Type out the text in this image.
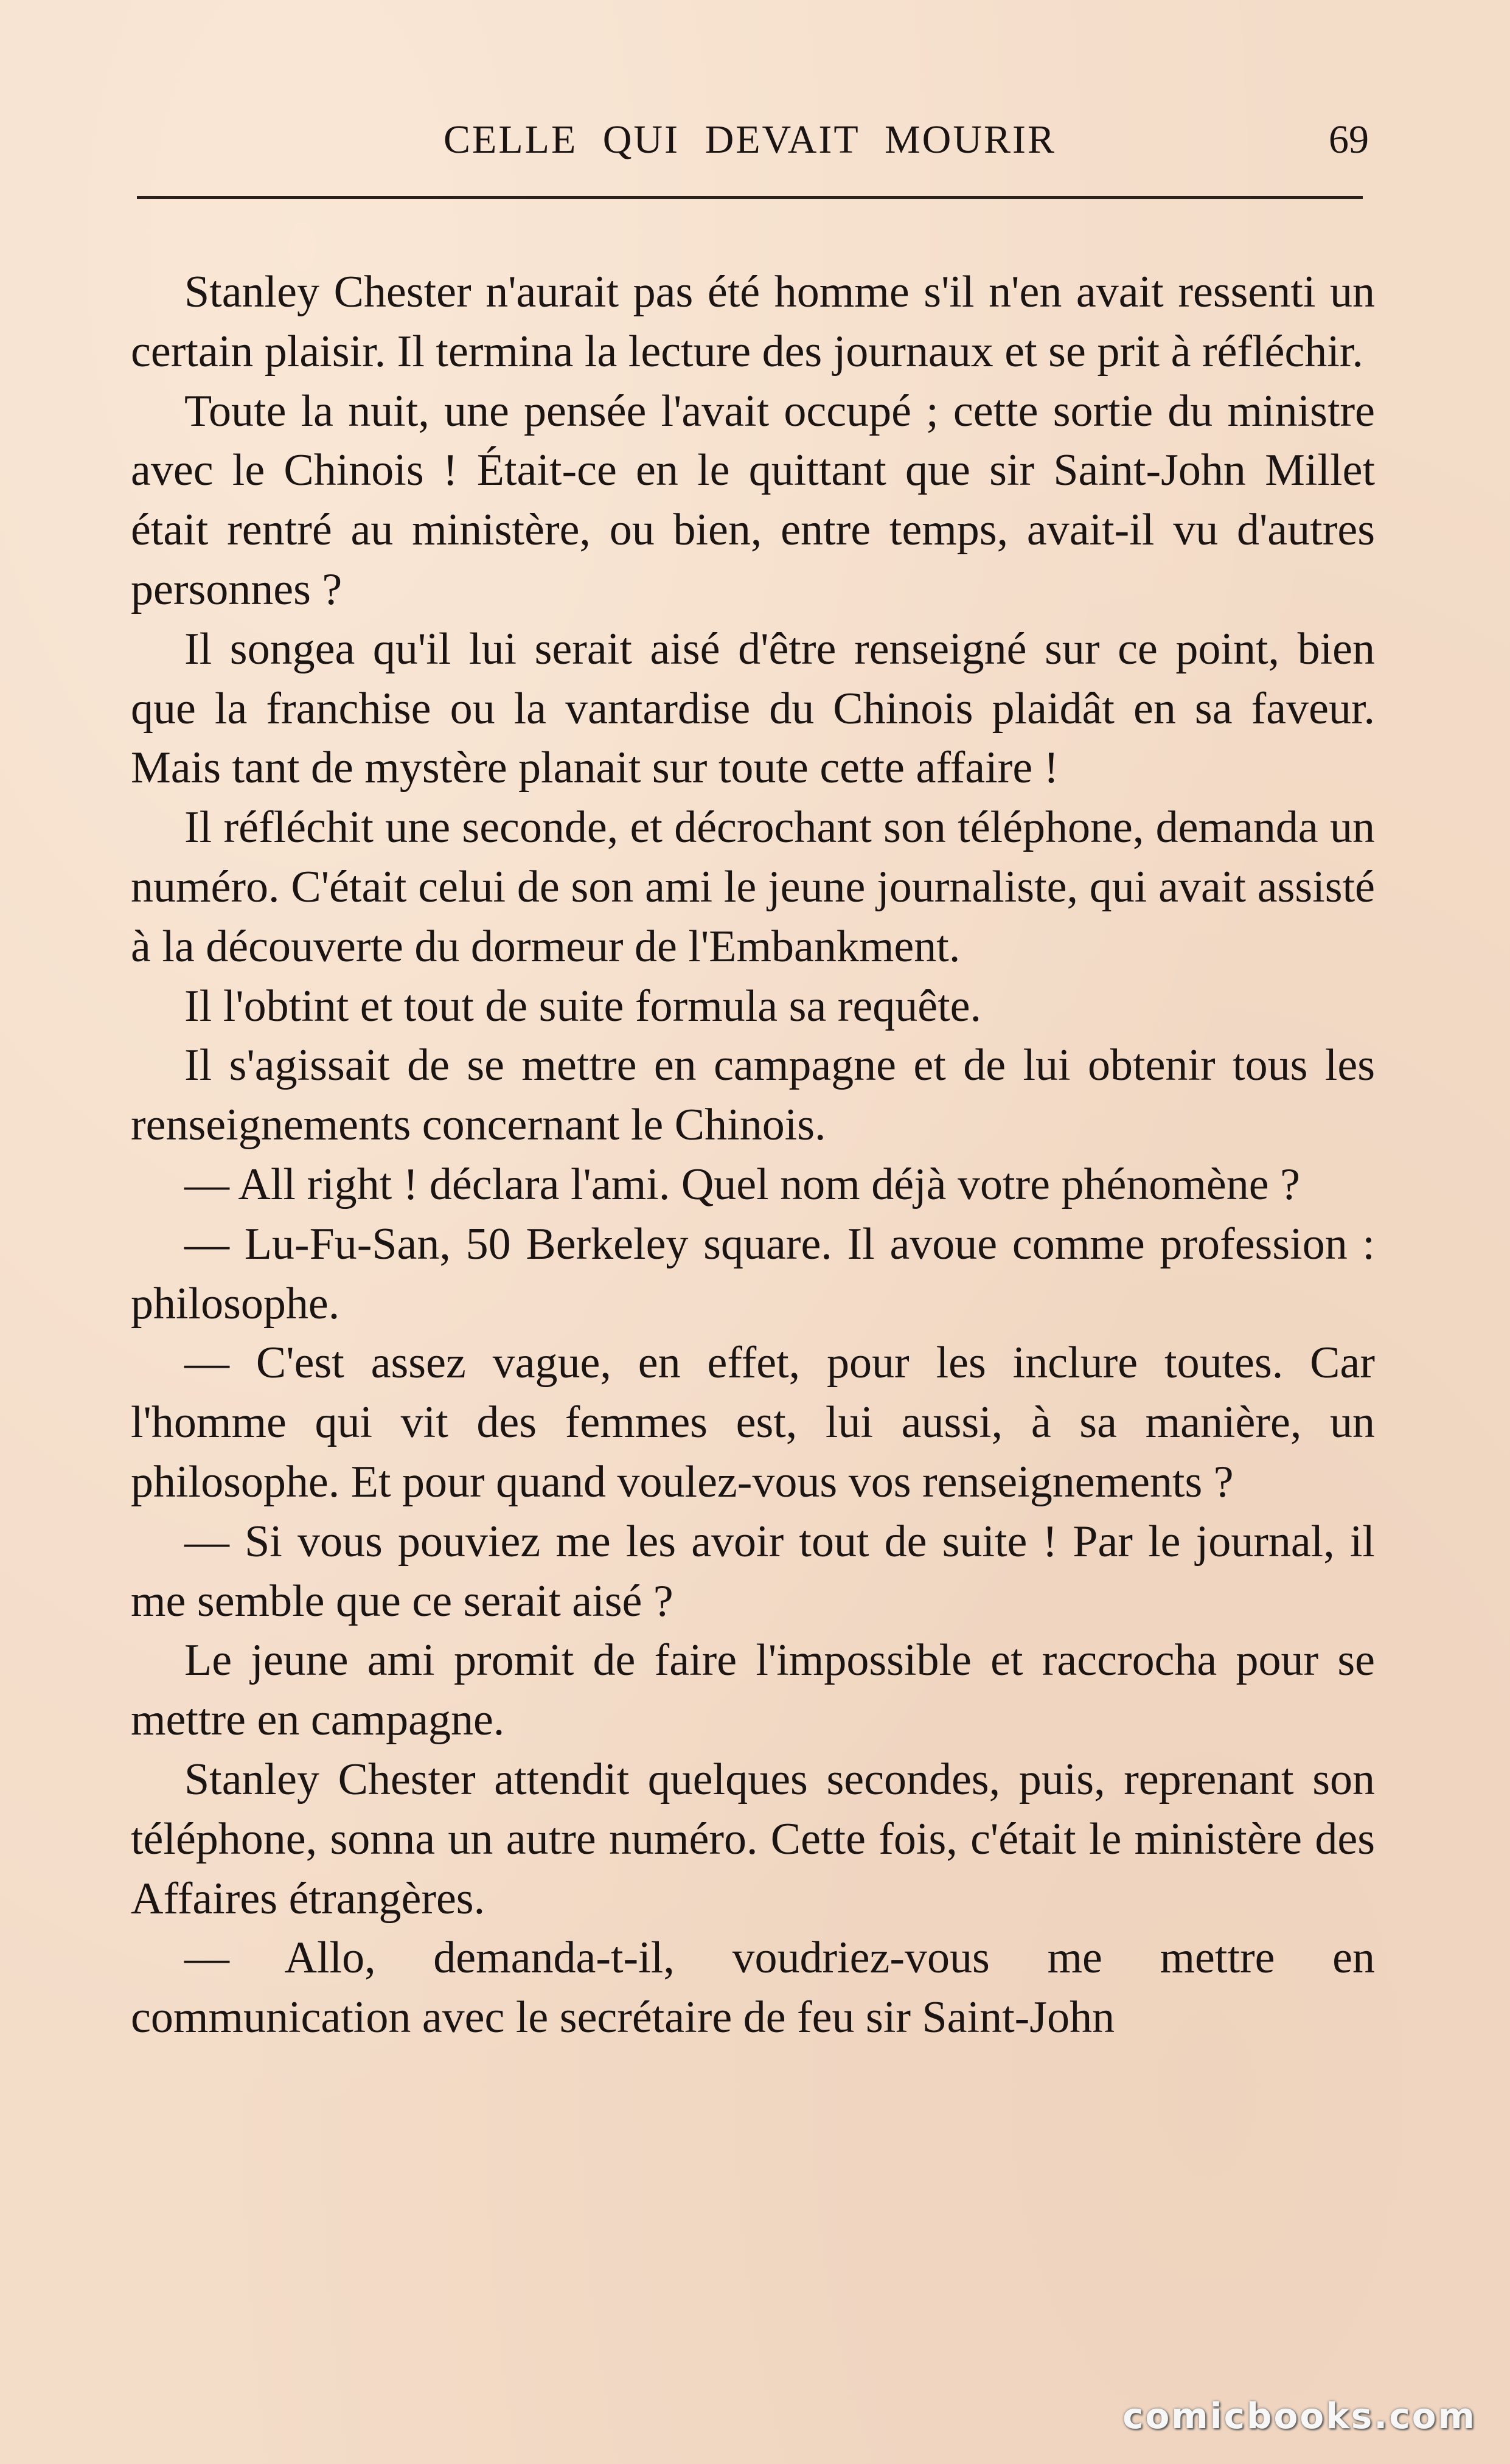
CELLE QUI DEVAIT MOURIR	69

Stanley Chester n'aurait pas été homme s'il n'en avait ressenti un certain plaisir. Il termina la lecture des journaux et se prit à réfléchir.

Toute la nuit, une pensée l'avait occupé ; cette sortie du ministre avec le Chinois ! Était-ce en le quittant que sir Saint-John Millet était rentré au ministère, ou bien, entre temps, avait-il vu d'autres personnes ?

Il songea qu'il lui serait aisé d'être renseigné sur ce point, bien que la franchise ou la vantardise du Chinois plaidât en sa faveur. Mais tant de mystère planait sur toute cette affaire !

Il réfléchit une seconde, et décrochant son téléphone, demanda un numéro. C'était celui de son ami le jeune journaliste, qui avait assisté à la découverte du dormeur de l'Embankment.

Il l'obtint et tout de suite formula sa requête.

Il s'agissait de se mettre en campagne et de lui obtenir tous les renseignements concernant le Chinois.

— All right ! déclara l'ami. Quel nom déjà votre phénomène ?

— Lu-Fu-San, 50 Berkeley square. Il avoue comme profession : philosophe.

— C'est assez vague, en effet, pour les inclure toutes. Car l'homme qui vit des femmes est, lui aussi, à sa manière, un philosophe. Et pour quand voulez-vous vos renseignements ?

— Si vous pouviez me les avoir tout de suite ! Par le journal, il me semble que ce serait aisé ?

Le jeune ami promit de faire l'impossible et raccrocha pour se mettre en campagne.

Stanley Chester attendit quelques secondes, puis, reprenant son téléphone, sonna un autre numéro. Cette fois, c'était le ministère des Affaires étrangères.

— Allo, demanda-t-il, voudriez-vous me mettre en communication avec le secrétaire de feu sir Saint-John

comicbooks.com
